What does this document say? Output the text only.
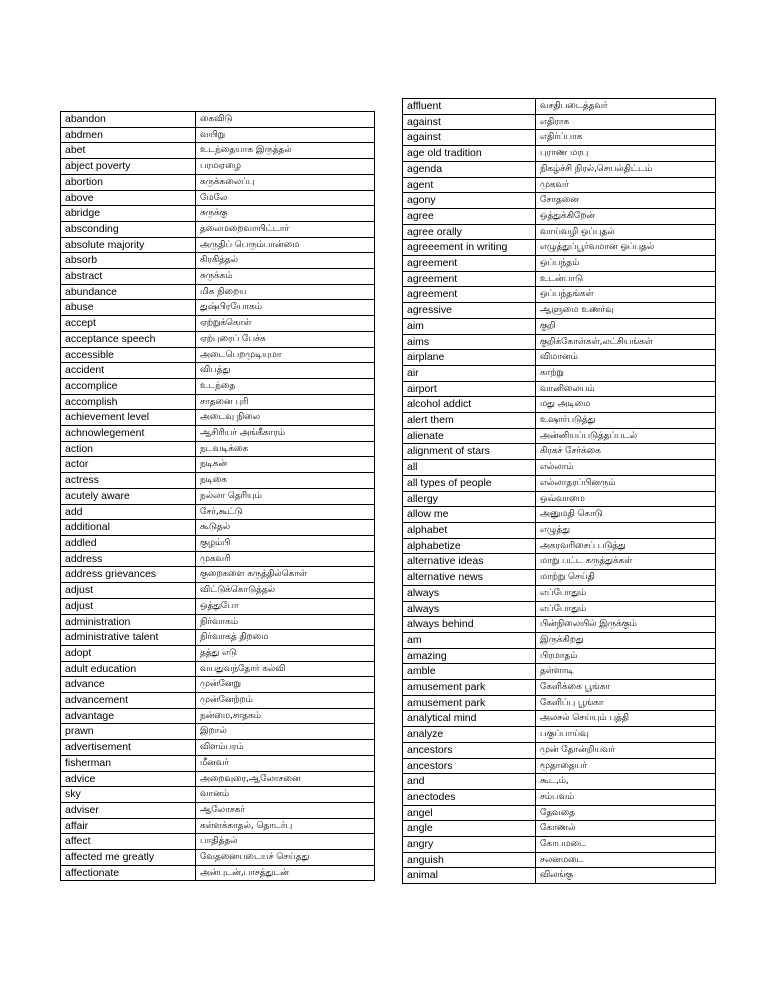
abandon	கைவிடு
abdmen	வயிறு
abet	உடந்தையாக இருத்தல்
abject poverty	பரமஏழை
abortion	கருக்கலைப்பு
above	மேலே
abridge	சுருக்கு
absconding	தலைமறைவாயிட்டார்
absolute majority	அருதிப் பெரும்பான்மை
absorb	கிரகித்தல்
abstract	சுருக்கம்
abundance	மிக நிறைய
abuse	துஷ்பிரயோகம்
accept	ஏற்றுக்கொள்
acceptance speech	ஏற்புரைப் பேச்சு
accessible	அடைபெறமுடியுமா
accident	விபத்து
accomplice	உடந்தை
accomplish	சாதனை புரி
achievement level	அடைவு நிலை
achnowlegement	ஆசிரியர் அங்கீகாரம்
action	நடவடிக்கை
actor	நடிகன்
actress	நடிகை
acutely aware	நல்லா தெரியும்
add	சேர்,கூட்டு
additional	கூடுதல்
addled	குழம்பி
address	முகவரி
address grievances	குறைகளை கருத்தில்கொள்
adjust	விட்டுக்கொடுத்தல்
adjust	ஒத்துபோ
administration	நிர்வாகம்
administrative talent	நிர்வாகத் திறமை
adopt	தத்து எடு
adult education	வயதுவந்தோர் கல்வி
advance	முன்னேறு
advancement	முன்னேற்றம்
advantage	நன்மை,சாதகம்
prawn	இறால்
advertisement	விளம்பரம்
fisherman	மீனவர்
advice	அறைவுரை,ஆலோசனை
sky	வானம்
adviser	ஆலோசகர்
affair	கள்ளக்காதல், தொடர்பு
affect	பாதித்தல்
affected me greatly	வேதனையடையச் செய்தது
affectionate	அன்புடன்,பாசத்துடன்
affluent	வசதிபடைத்தவர்
against	எதிராக
against	எதிர்ப்பாக
age old tradition	புராண மரபு
agenda	நிகழ்ச்சி நிரல்,செயல்திட்டம்
agent	முகவர்
agony	சோதனை
agree	ஒத்துக்கிறேன்
agree orally	வாய்வழி ஒப்புதல்
agreeement in writing	எழுத்துப்பூர்வமான ஒப்புதல்
agreement	ஒப்பந்தம்
agreement	உடன்பாடு
agreement	ஒப்பந்தங்கள்
agressive	ஆளுமை உணர்வு
aim	குறி
aims	குறிக்கோள்கள்,லட்சியங்கள்
airplane	விமானம்
air	காற்று
airport	வானிலையம்
alcohol addict	மது அடிமை
alert them	உஷார்படுத்து
alienate	அன்னியப்படுத்தப்படல்
alignment of stars	கிரகச் சேர்க்கை
all	எல்லாம்
all types of people	எல்லாதரப்பினரும்
allergy	ஒவ்வாமை
allow me	அனுமதி கொடு
alphabet	எழுத்து
alphabetize	அகரவரிசைப் படுத்து
alternative ideas	மாறு பட்ட கருத்துக்கள்
alternative news	மாற்று செய்தி
always	எப்போதும்
always	எப்போதும்
always behind	பின்நிலையில் இருக்கும்
am	இருக்கிறது
amazing	பிரமாதம்
amble	தள்ளாடி
amusement park	கேளிக்கை பூங்கா
amusement park	கேளிப்பு பூங்கா
analytical mind	அலசல் செய்யும் புத்தி
analyze	பகுப்பாய்வு
ancestors	முன் தோன்றியவர்
ancestors	மூதாதையர்
and	கூட,ம்,
anectodes	சம்பவம்
angel	தேவதை
angle	கோணல்
angry	கோபமடை
anguish	சலனமடை
animal	விலங்கு
